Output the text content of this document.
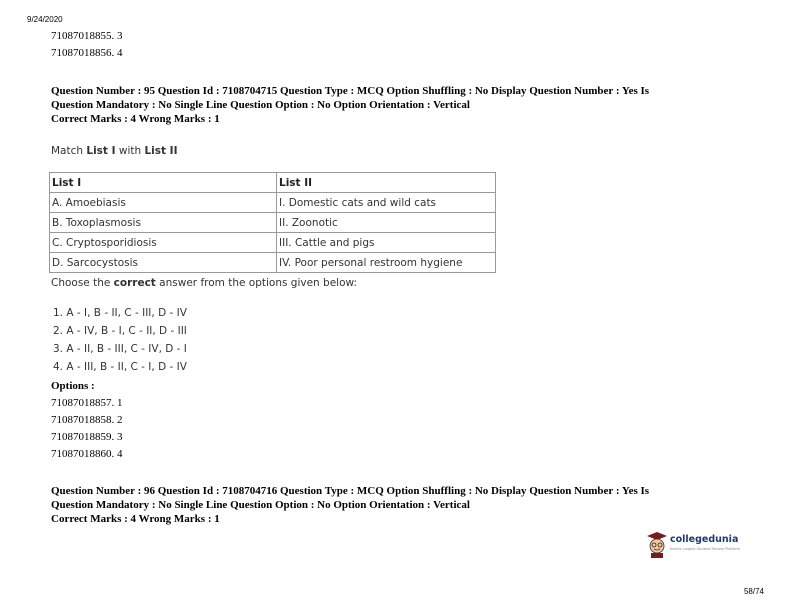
9/24/2020
71087018855. 3
71087018856. 4
Question Number : 95 Question Id : 7108704715 Question Type : MCQ Option Shuffling : No Display Question Number : Yes Is
Question Mandatory : No Single Line Question Option : No Option Orientation : Vertical
Correct Marks : 4 Wrong Marks : 1
Match List I with List II
List I	List II
A. Amoebiasis	I. Domestic cats and wild cats
B. Toxoplasmosis	II. Zoonotic
C. Cryptosporidiosis	III. Cattle and pigs
D. Sarcocystosis	IV. Poor personal restroom hygiene
Choose the correct answer from the options given below:
1. A - I, B - II, C - III, D - IV
2. A - IV, B - I, C - II, D - III
3. A - II, B - III, C - IV, D - I
4. A - III, B - II, C - I, D - IV
Options :
71087018857. 1
71087018858. 2
71087018859. 3
71087018860. 4
Question Number : 96 Question Id : 7108704716 Question Type : MCQ Option Shuffling : No Display Question Number : Yes Is
Question Mandatory : No Single Line Question Option : No Option Orientation : Vertical
Correct Marks : 4 Wrong Marks : 1
collegedunia
India's Largest Student Review Platform
58/74
